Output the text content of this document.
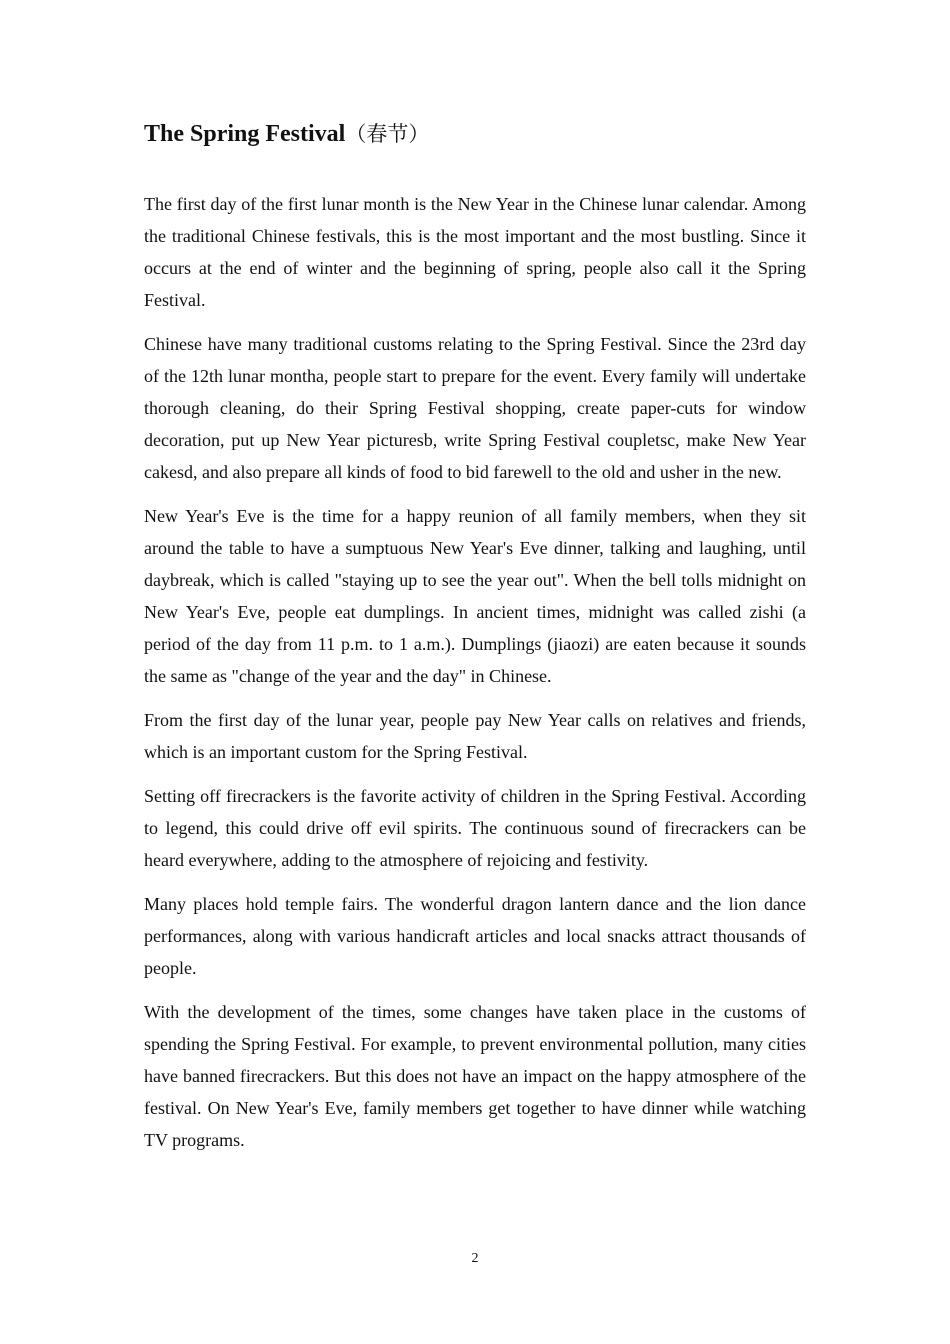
The Spring Festival（春节）

The first day of the first lunar month is the New Year in the Chinese lunar calendar. Among the traditional Chinese festivals, this is the most important and the most bustling. Since it occurs at the end of winter and the beginning of spring, people also call it the Spring Festival.

Chinese have many traditional customs relating to the Spring Festival. Since the 23rd day of the 12th lunar montha, people start to prepare for the event. Every family will undertake thorough cleaning, do their Spring Festival shopping, create paper-cuts for window decoration, put up New Year picturesb, write Spring Festival coupletsc, make New Year cakesd, and also prepare all kinds of food to bid farewell to the old and usher in the new.

New Year's Eve is the time for a happy reunion of all family members, when they sit around the table to have a sumptuous New Year's Eve dinner, talking and laughing, until daybreak, which is called "staying up to see the year out". When the bell tolls midnight on New Year's Eve, people eat dumplings. In ancient times, midnight was called zishi (a period of the day from 11 p.m. to 1 a.m.). Dumplings (jiaozi) are eaten because it sounds the same as "change of the year and the day" in Chinese.

From the first day of the lunar year, people pay New Year calls on relatives and friends, which is an important custom for the Spring Festival.

Setting off firecrackers is the favorite activity of children in the Spring Festival. According to legend, this could drive off evil spirits. The continuous sound of firecrackers can be heard everywhere, adding to the atmosphere of rejoicing and festivity.

Many places hold temple fairs. The wonderful dragon lantern dance and the lion dance performances, along with various handicraft articles and local snacks attract thousands of people.

With the development of the times, some changes have taken place in the customs of spending the Spring Festival. For example, to prevent environmental pollution, many cities have banned firecrackers. But this does not have an impact on the happy atmosphere of the festival. On New Year's Eve, family members get together to have dinner while watching TV programs.

2
